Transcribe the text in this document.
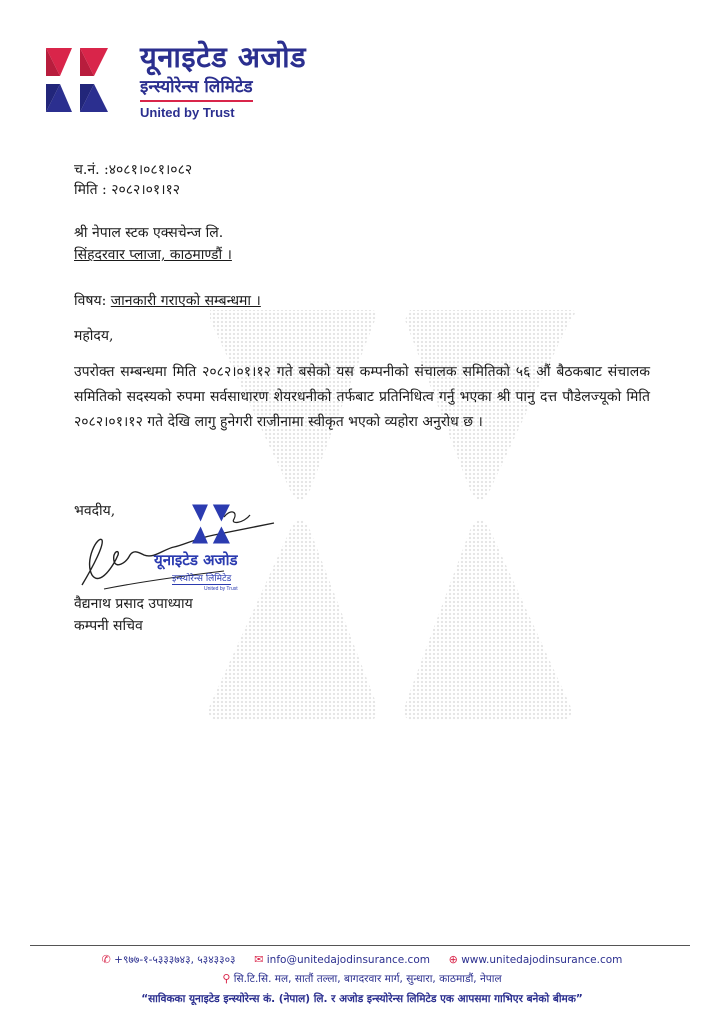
यूनाइटेड अजोड
इन्स्योरेन्स लिमिटेड
United by Trust
च.नं. :४०८१।०८१।०८२
मिति : २०८२।०१।१२
श्री नेपाल स्टक एक्सचेन्ज लि.
सिंहदरवार प्लाजा, काठमाण्डौं ।
विषय: जानकारी गराएको सम्बन्धमा ।
महोदय,
उपरोक्त सम्बन्धमा मिति २०८२।०१।१२ गते बसेको यस कम्पनीको संचालक समितिको ५६ औं बैठकबाट संचालक समितिको सदस्यको रुपमा सर्वसाधारण शेयरधनीको तर्फबाट प्रतिनिधित्व गर्नु भएका श्री पानु दत्त पौडेलज्यूको मिति २०८२।०१।१२ गते देखि लागु हुनेगरी राजीनामा स्वीकृत भएको व्यहोरा अनुरोध छ ।
भवदीय,
यूनाइटेड अजोड
इन्स्योरेन्स लिमिटेड
United by Trust
वैद्यनाथ प्रसाद उपाध्याय
कम्पनी सचिव
✆ +९७७-१-५३३३७४३, ५३४३३०३ ✉ info@unitedajodinsurance.com ⊕ www.unitedajodinsurance.com
⚲ सि.टि.सि. मल, सातौं तल्ला, बागदरवार मार्ग, सुन्धारा, काठमाडौं, नेपाल
“साविकका यूनाइटेड इन्स्योरेन्स कं. (नेपाल) लि. र अजोड इन्स्योरेन्स लिमिटेड एक आपसमा गाभिएर बनेको बीमक”
